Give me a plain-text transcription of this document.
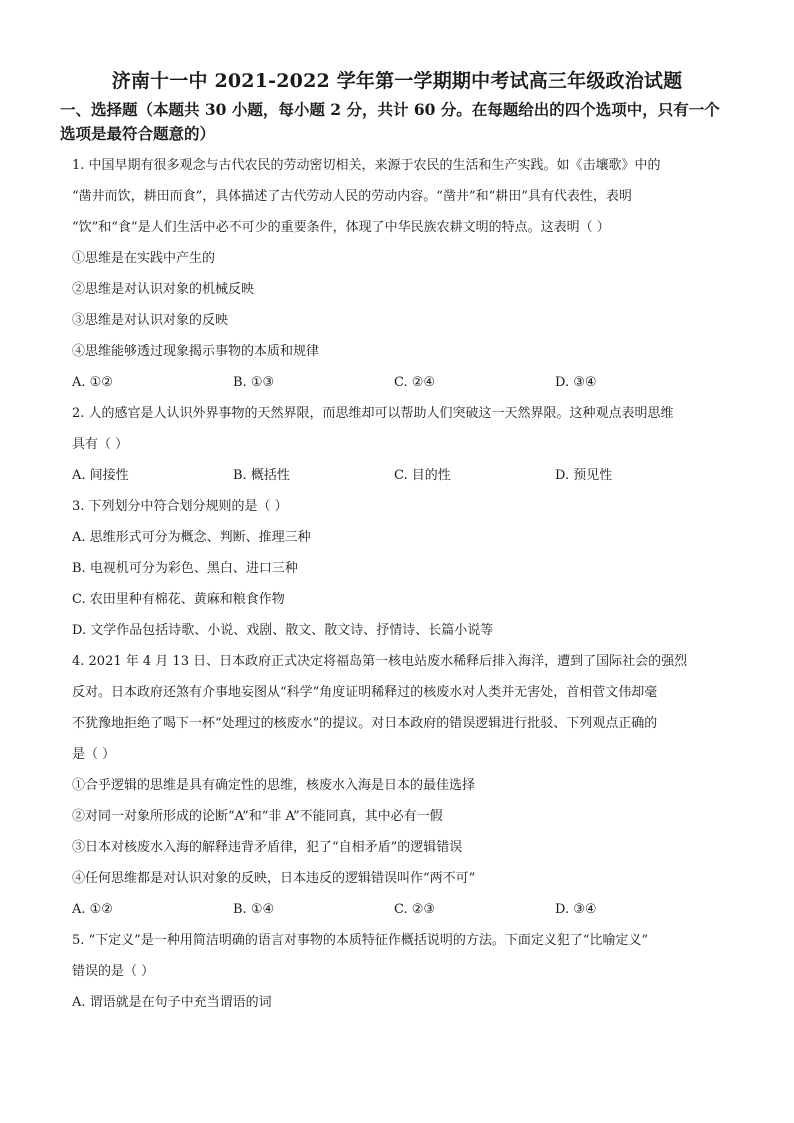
济南十一中 2021-2022 学年第一学期期中考试高三年级政治试题
一、选择题（本题共 30 小题，每小题 2 分，共计 60 分。在每题给出的四个选项中，只有一个选项是最符合题意的）
1. 中国早期有很多观念与古代农民的劳动密切相关，来源于农民的生活和生产实践。如《击壤歌》中的
“凿井而饮，耕田而食”，具体描述了古代劳动人民的劳动内容。“凿井”和“耕田”具有代表性，表明
“饮”和“食”是人们生活中必不可少的重要条件，体现了中华民族农耕文明的特点。这表明（ ）
①思维是在实践中产生的
②思维是对认识对象的机械反映
③思维是对认识对象的反映
④思维能够透过现象揭示事物的本质和规律
A. ①②	B. ①③	C. ②④	D. ③④
2. 人的感官是人认识外界事物的天然界限，而思维却可以帮助人们突破这一天然界限。这种观点表明思维
具有（ ）
A. 间接性	B. 概括性	C. 目的性	D. 预见性
3. 下列划分中符合划分规则的是（ ）
A. 思维形式可分为概念、判断、推理三种
B. 电视机可分为彩色、黑白、进口三种
C. 农田里种有棉花、黄麻和粮食作物
D. 文学作品包括诗歌、小说、戏剧、散文、散文诗、抒情诗、长篇小说等
4. 2021 年 4 月 13 日、日本政府正式决定将福岛第一核电站废水稀释后排入海洋，遭到了国际社会的强烈
反对。日本政府还煞有介事地妄图从“科学”角度证明稀释过的核废水对人类并无害处，首相菅文伟却毫
不犹豫地拒绝了喝下一杯“处理过的核废水”的提议。对日本政府的错误逻辑进行批驳、下列观点正确的
是（ ）
①合乎逻辑的思维是具有确定性的思维，核废水入海是日本的最佳选择
②对同一对象所形成的论断“A”和“非 A”不能同真，其中必有一假
③日本对核废水入海的解释违背矛盾律，犯了“自相矛盾”的逻辑错误
④任何思维都是对认识对象的反映，日本违反的逻辑错误叫作“两不可”
A. ①②	B. ①④	C. ②③	D. ③④
5. “下定义”是一种用简洁明确的语言对事物的本质特征作概括说明的方法。下面定义犯了“比喻定义”
错误的是（ ）
A. 谓语就是在句子中充当谓语的词
